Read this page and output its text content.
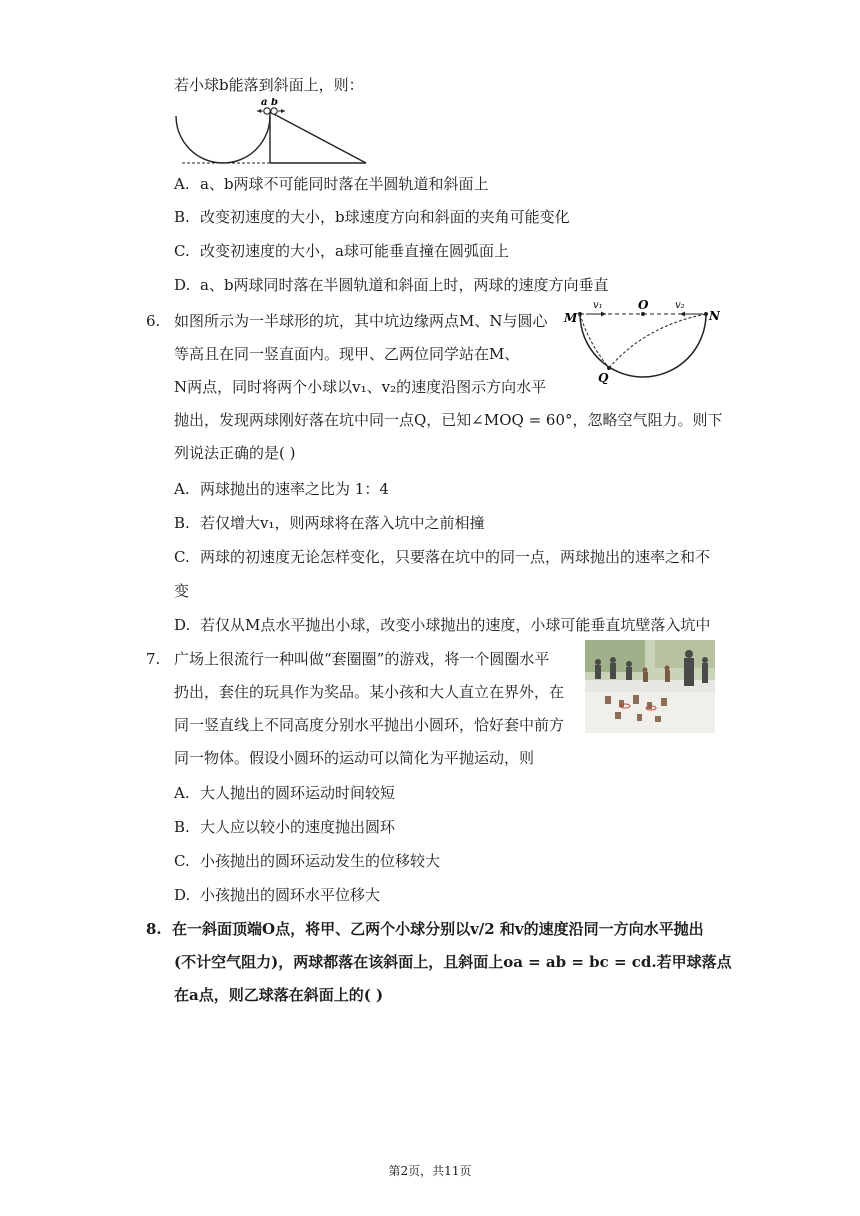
若小球b能落到斜面上，则：
a b
A. a、b两球不可能同时落在半圆轨道和斜面上
B. 改变初速度的大小，b球速度方向和斜面的夹角可能变化
C. 改变初速度的大小，a球可能垂直撞在圆弧面上
D. a、b两球同时落在半圆轨道和斜面上时，两球的速度方向垂直
6. 如图所示为一半球形的坑，其中坑边缘两点M、N与圆心
等高且在同一竖直面内。现甲、乙两位同学站在M、
N两点，同时将两个小球以v₁、v₂的速度沿图示方向水平
抛出，发现两球刚好落在坑中同一点Q，已知∠MOQ = 60°，忽略空气阻力。则下
列说法正确的是( )
M
O
N
Q
v₁	v₂
A. 两球抛出的速率之比为 1：4
B. 若仅增大v₁，则两球将在落入坑中之前相撞
C. 两球的初速度无论怎样变化，只要落在坑中的同一点，两球抛出的速率之和不
变
D. 若仅从M点水平抛出小球，改变小球抛出的速度，小球可能垂直坑壁落入坑中
7. 广场上很流行一种叫做“套圈圈”的游戏，将一个圆圈水平
扔出，套住的玩具作为奖品。某小孩和大人直立在界外，在
同一竖直线上不同高度分别水平抛出小圆环，恰好套中前方
同一物体。假设小圆环的运动可以简化为平抛运动，则
A. 大人抛出的圆环运动时间较短
B. 大人应以较小的速度抛出圆环
C. 小孩抛出的圆环运动发生的位移较大
D. 小孩抛出的圆环水平位移大
8. 在一斜面顶端O点，将甲、乙两个小球分别以v/2 和v的速度沿同一方向水平抛出
(不计空气阻力)，两球都落在该斜面上，且斜面上oa = ab = bc = cd.若甲球落点
在a点，则乙球落在斜面上的( )
第2页，共11页
